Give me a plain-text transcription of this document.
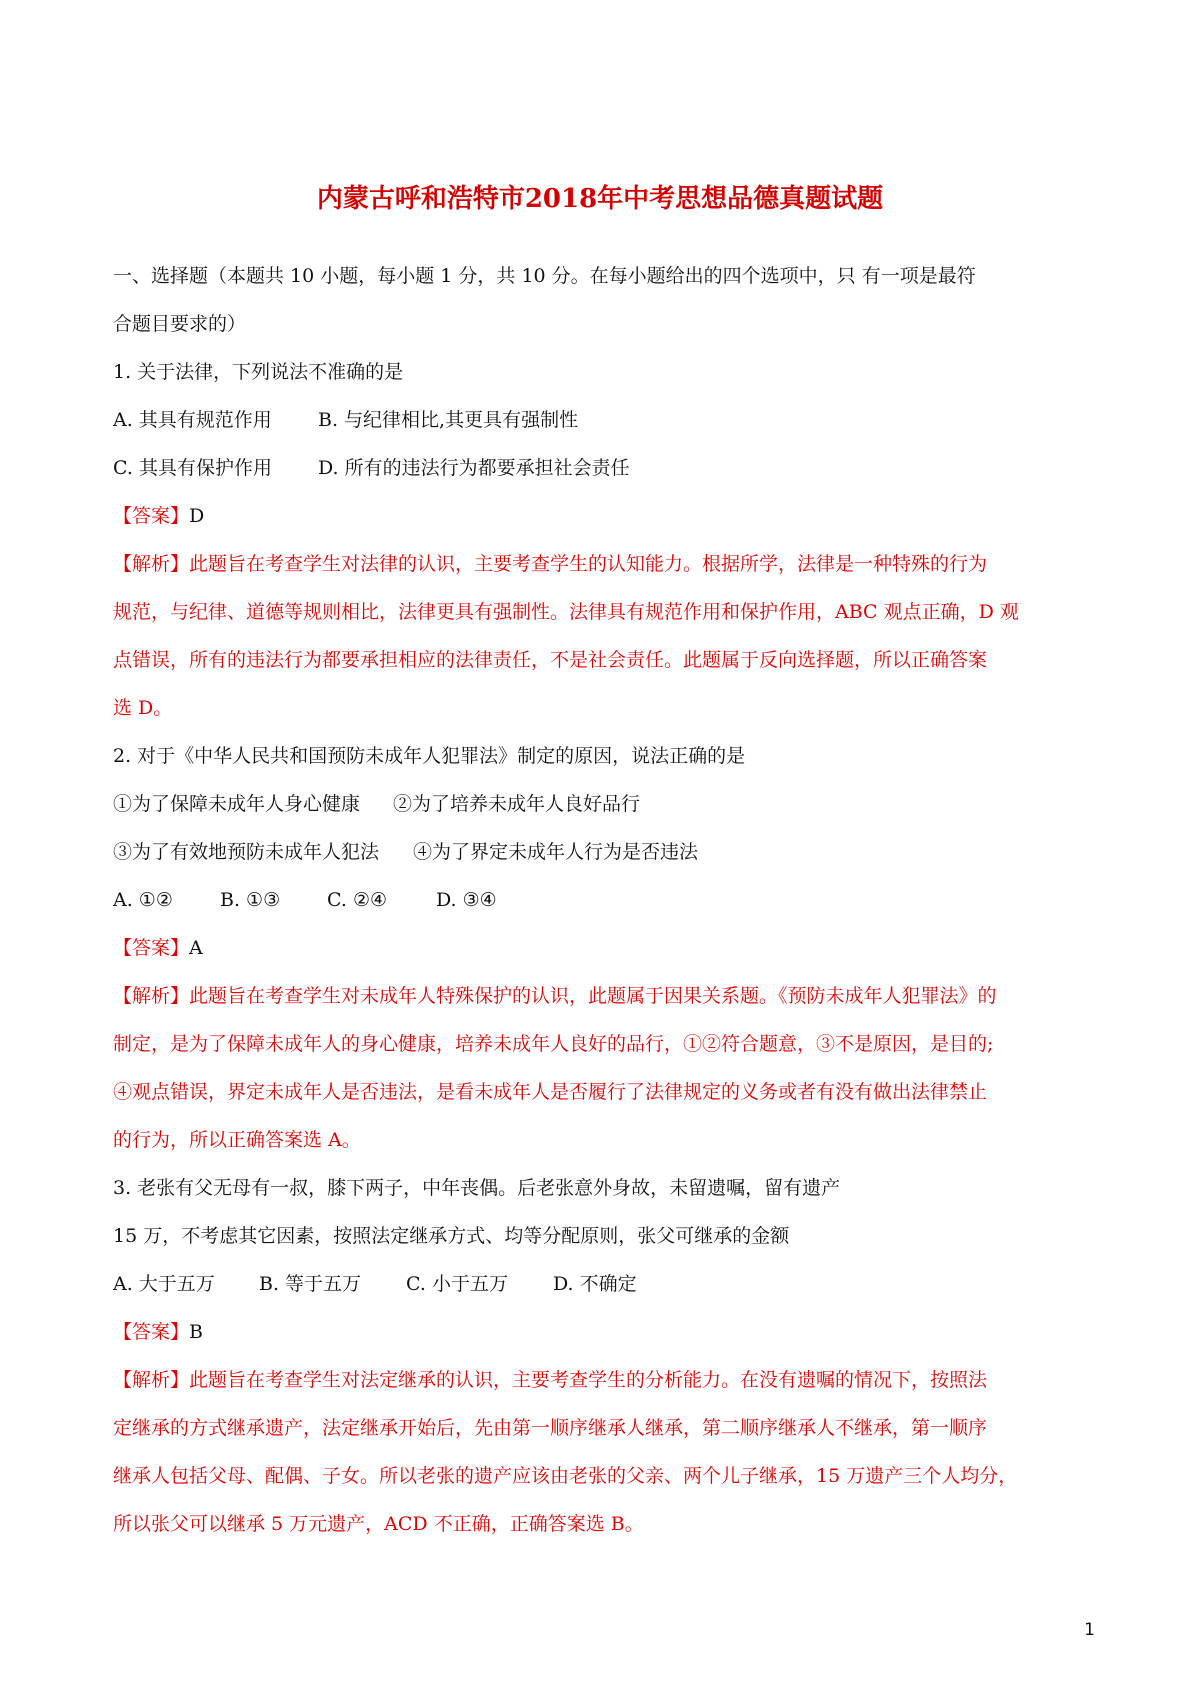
内蒙古呼和浩特市2018年中考思想品德真题试题

一、选择题（本题共 10 小题，每小题 1 分，共 10 分。在每小题给出的四个选项中，只 有一项是最符

合题目要求的）

1. 关于法律，下列说法不准确的是

A. 其具有规范作用 B. 与纪律相比,其更具有强制性

C. 其具有保护作用 D. 所有的违法行为都要承担社会责任

【答案】D

【解析】此题旨在考查学生对法律的认识，主要考查学生的认知能力。根据所学，法律是一种特殊的行为

规范，与纪律、道德等规则相比，法律更具有强制性。法律具有规范作用和保护作用，ABC 观点正确，D 观

点错误，所有的违法行为都要承担相应的法律责任，不是社会责任。此题属于反向选择题，所以正确答案

选 D。

2. 对于《中华人民共和国预防未成年人犯罪法》制定的原因，说法正确的是

①为了保障未成年人身心健康 ②为了培养未成年人良好品行

③为了有效地预防未成年人犯法 ④为了界定未成年人行为是否违法

A. ①② B. ①③ C. ②④	D. ③④

【答案】A

【解析】此题旨在考查学生对未成年人特殊保护的认识，此题属于因果关系题。《预防未成年人犯罪法》的

制定，是为了保障未成年人的身心健康，培养未成年人良好的品行，①②符合题意，③不是原因，是目的;

④观点错误，界定未成年人是否违法，是看未成年人是否履行了法律规定的义务或者有没有做出法律禁止

的行为，所以正确答案选 A。

3. 老张有父无母有一叔，膝下两子，中年丧偶。后老张意外身故，未留遗嘱，留有遗产

15 万，不考虑其它因素，按照法定继承方式、均等分配原则，张父可继承的金额

A. 大于五万 B. 等于五万 C. 小于五万 D. 不确定

【答案】B

【解析】此题旨在考查学生对法定继承的认识，主要考查学生的分析能力。在没有遗嘱的情况下，按照法

定继承的方式继承遗产，法定继承开始后，先由第一顺序继承人继承，第二顺序继承人不继承，第一顺序

继承人包括父母、配偶、子女。所以老张的遗产应该由老张的父亲、两个儿子继承，15 万遗产三个人均分，

所以张父可以继承 5 万元遗产，ACD 不正确，正确答案选 B。

1
